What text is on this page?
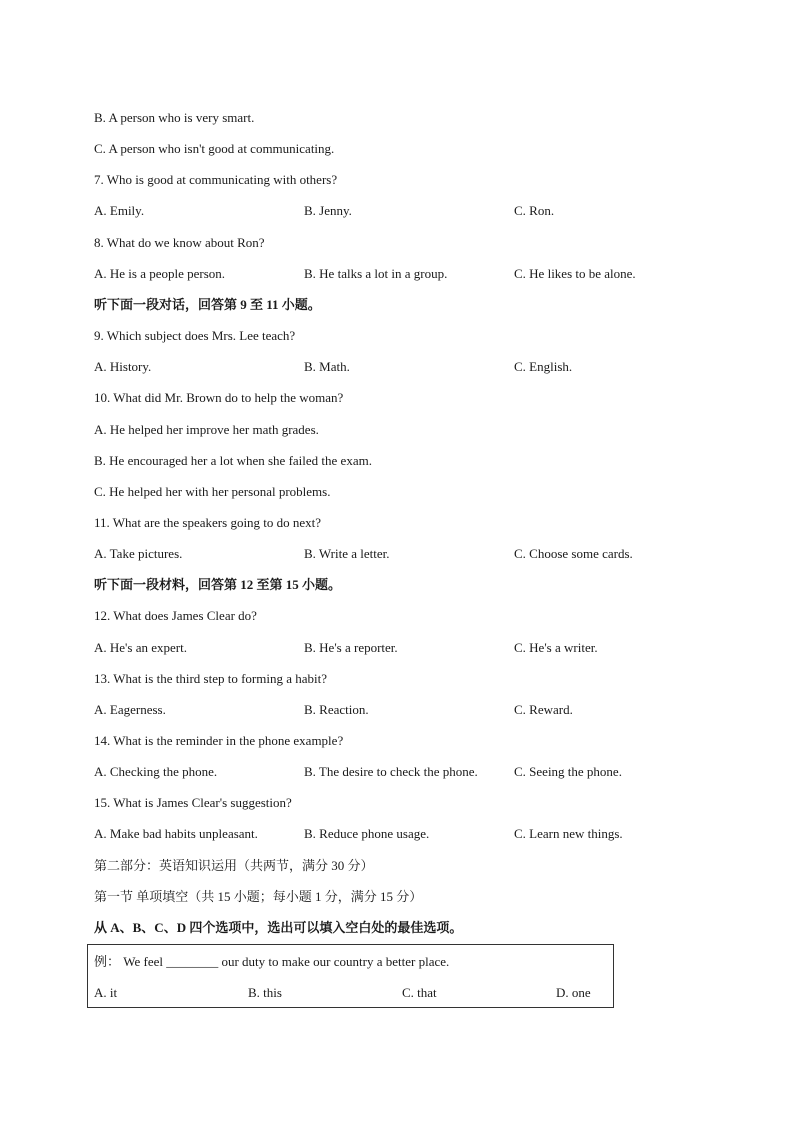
B. A person who is very smart.
C. A person who isn't good at communicating.
7. Who is good at communicating with others?
A. Emily.	B. Jenny.	C. Ron.
8. What do we know about Ron?
A. He is a people person.	B. He talks a lot in a group.	C. He likes to be alone.
听下面一段对话，回答第 9 至 11 小题。
9. Which subject does Mrs. Lee teach?
A. History.	B. Math.	C. English.
10. What did Mr. Brown do to help the woman?
A. He helped her improve her math grades.
B. He encouraged her a lot when she failed the exam.
C. He helped her with her personal problems.
11. What are the speakers going to do next?
A. Take pictures.	B. Write a letter.	C. Choose some cards.
听下面一段材料，回答第 12 至第 15 小题。
12. What does James Clear do?
A. He's an expert.	B. He's a reporter.	C. He's a writer.
13. What is the third step to forming a habit?
A. Eagerness.	B. Reaction.	C. Reward.
14. What is the reminder in the phone example?
A. Checking the phone.	B. The desire to check the phone.	C. Seeing the phone.
15. What is James Clear's suggestion?
A. Make bad habits unpleasant.	B. Reduce phone usage.	C. Learn new things.
第二部分：英语知识运用（共两节，满分 30 分）
第一节 单项填空（共 15 小题；每小题 1 分，满分 15 分）
从 A、B、C、D 四个选项中，选出可以填入空白处的最佳选项。
例： We feel ________ our duty to make our country a better place.
A. it	B. this	C. that	D. one
